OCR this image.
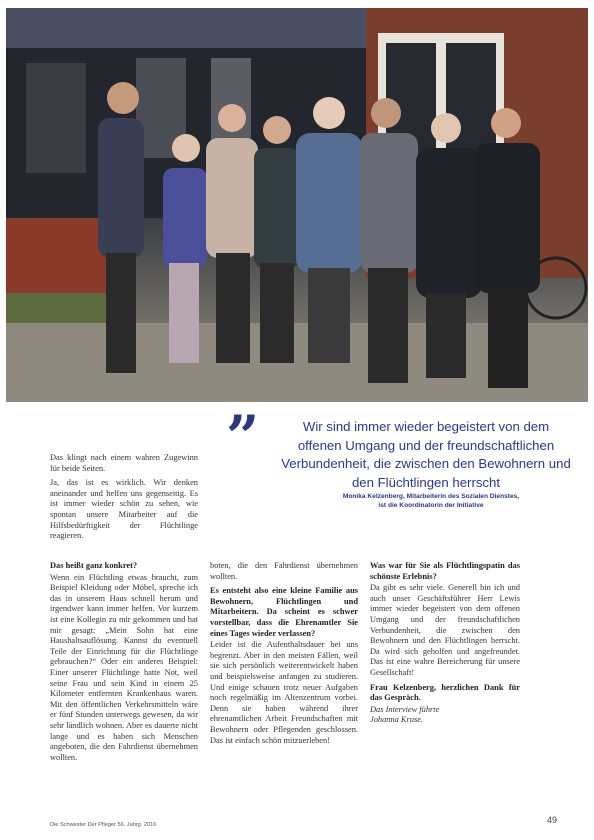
”	Wir sind immer wieder begeistert von dem offenen Umgang und der freundschaftlichen Verbundenheit, die zwischen den Bewohnern und den Flüchtlingen herrscht
Monika Kelzenberg, Mitarbeiterin des Sozialen Dienstes,
ist die Koordinatorin der Initiative

Das klingt nach einem wahren Zugewinn für beide Seiten.

Ja, das ist es wirklich. Wir denken aneinander und helfen uns gegenseitig. Es ist immer wieder schön zu sehen, wie spontan unsere Mitarbeiter auf die Hilfsbedürftigkeit der Flüchtlinge reagieren.

Das heißt ganz konkret?

Wenn ein Flüchtling etwas braucht, zum Beispiel Kleidung oder Möbel, spreche ich das in unserem Haus schnell herum und irgendwer kann immer helfen. Vor kurzem ist eine Kollegin zu mir gekommen und hat mir gesagt: „Mein Sohn hat eine Haushaltsauflösung. Kannst du eventuell Teile der Einrichtung für die Flüchtlinge gebrauchen?“ Oder ein anderes Beispiel: Einer unserer Flüchtlinge hatte Not, weil seine Frau und sein Kind in einem 25 Kilometer entfernten Krankenhaus waren. Mit den öffentlichen Verkehrsmitteln wäre er fünf Stunden unterwegs gewesen, da wir sehr ländlich wohnen. Aber es dauerte nicht lange und es haben sich Menschen angeboten, die den Fahrdienst übernehmen wollten.

boten, die den Fahrdienst übernehmen wollten.

Es entsteht also eine kleine Familie aus Bewohnern, Flüchtlingen und Mitarbeitern. Da scheint es schwer vorstellbar, dass die Ehrenamtler Sie eines Tages wieder verlassen?

Leider ist die Aufenthaltsdauer bei uns begrenzt. Aber in den meisten Fällen, weil sie sich persönlich weiterentwickelt haben und beispielsweise anfangen zu studieren. Und einige schauen trotz neuer Aufgaben noch regelmäßig im Altenzentrum vorbei. Denn sie haben während ihrer ehrenamtlichen Arbeit Freundschaften mit Bewohnern oder Pflegenden geschlossen. Das ist einfach schön mitzuerleben!

Was war für Sie als Flüchtlingspatin das schönste Erlebnis?

Da gibt es sehr viele. Generell bin ich und auch unser Geschäftsführer Herr Lewis immer wieder begeistert von dem offenen Umgang und der freundschaftlichen Verbundenheit, die zwischen den Bewohnern und den Flüchtlingen herrscht. Da wird sich geholfen und angefreundet. Das ist eine wahre Bereicherung für unsere Gesellschaft!

Frau Kelzenberg, herzlichen Dank für das Gespräch.

Das Interview führte
Johanna Kruse.

Die Schwester Der Pfleger 56. Jahrg. 2016	49
